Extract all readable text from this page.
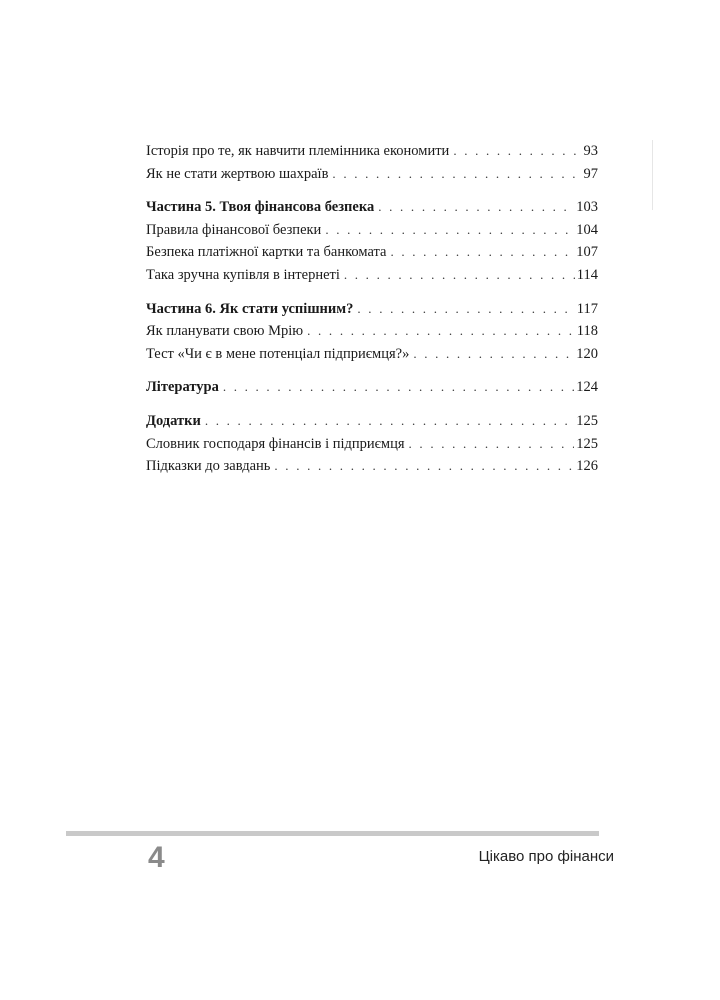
Історія про те, як навчити племінника економити . . .	93
Як не стати жертвою шахраїв . . .	97
Частина 5. Твоя фінансова безпека . . .	103
Правила фінансової безпеки . . .	104
Безпека платіжної картки та банкомата . . .	107
Така зручна купівля в інтернеті . . .	114
Частина 6. Як стати успішним? . . .	117
Як планувати свою Мрію . . .	118
Тест «Чи є в мене потенціал підприємця?» . . .	120
Література . . .	124
Додатки . . .	125
Словник господаря фінансів і підприємця . . .	125
Підказки до завдань . . .	126
4	Цікаво про фінанси
